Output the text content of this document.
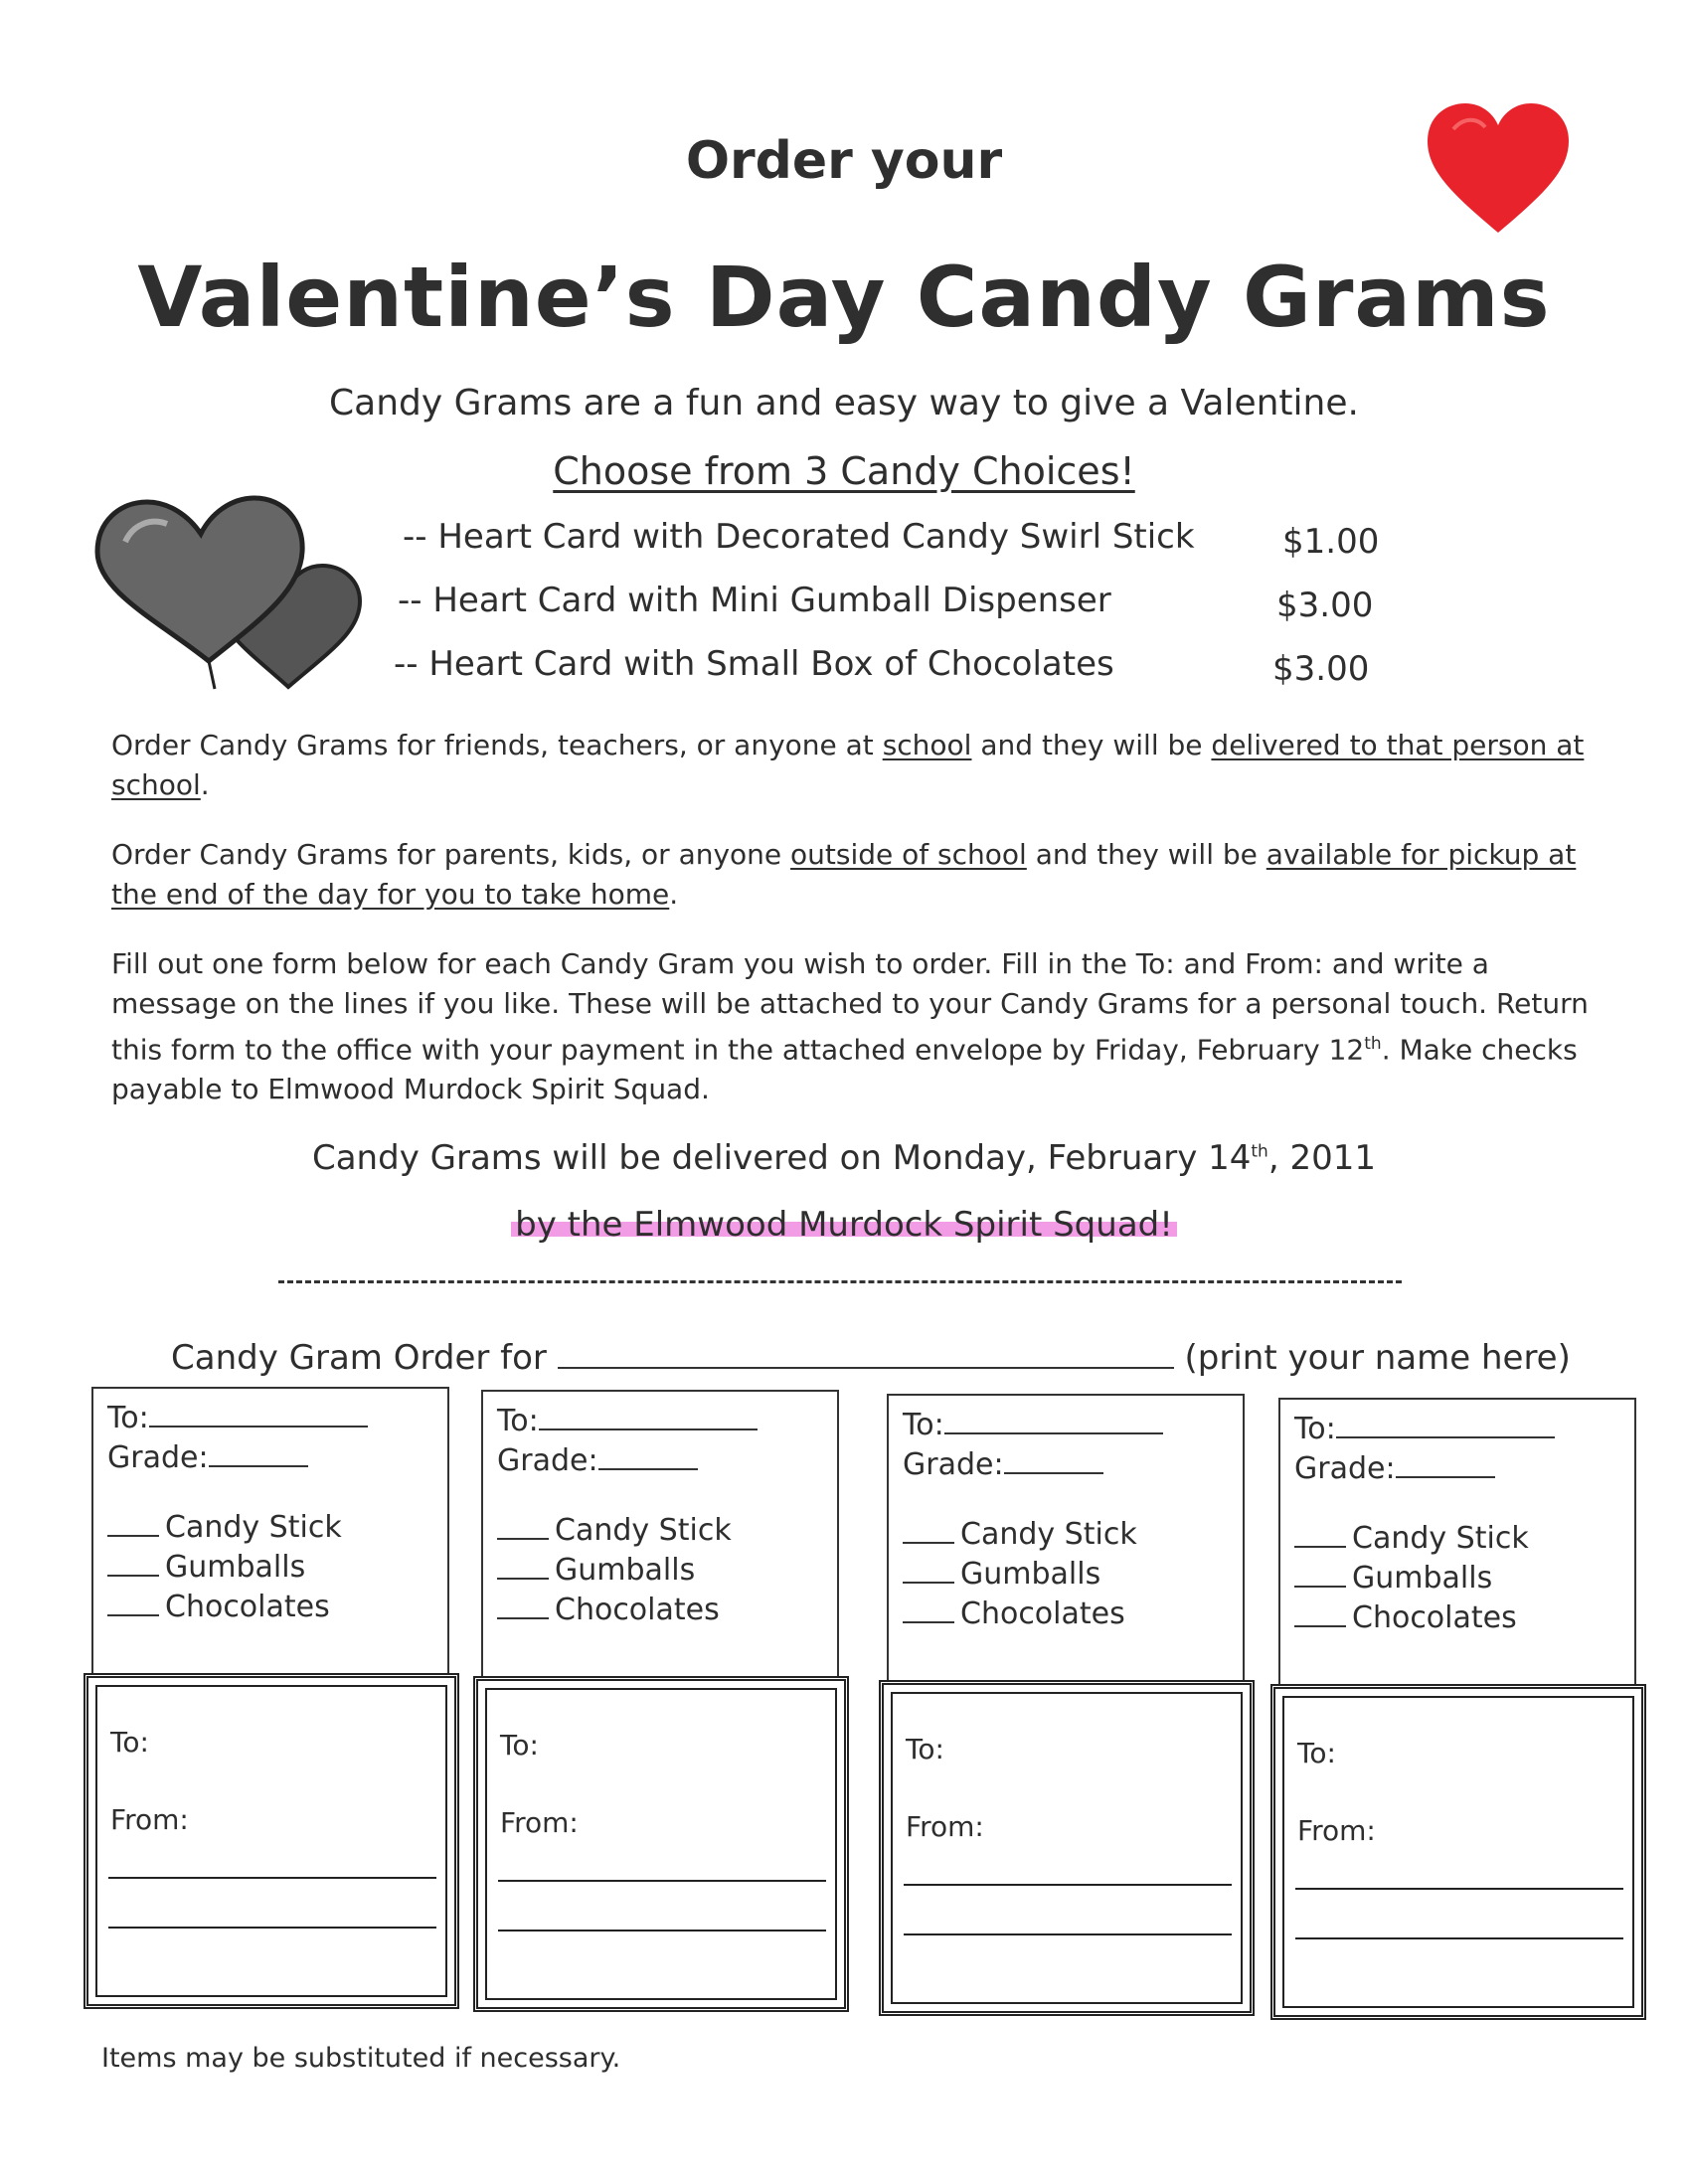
Order your
Valentine’s Day Candy Grams
Candy Grams are a fun and easy way to give a Valentine.
Choose from 3 Candy Choices!
-- Heart Card with Decorated Candy Swirl Stick	$1.00
-- Heart Card with Mini Gumball Dispenser	$3.00
-- Heart Card with Small Box of Chocolates	$3.00
Order Candy Grams for friends, teachers, or anyone at school and they will be delivered to that person at school.
Order Candy Grams for parents, kids, or anyone outside of school and they will be available for pickup at the end of the day for you to take home.
Fill out one form below for each Candy Gram you wish to order. Fill in the To: and From: and write a message on the lines if you like. These will be attached to your Candy Grams for a personal touch. Return this form to the office with your payment in the attached envelope by Friday, February 12th. Make checks payable to Elmwood Murdock Spirit Squad.
Candy Grams will be delivered on Monday, February 14th, 2011
by the Elmwood Murdock Spirit Squad!
Candy Gram Order for	(print your name here)
To:
Grade:
Candy Stick
Gumballs
Chocolates
To:
From:
To:
Grade:
Candy Stick
Gumballs
Chocolates
To:
From:
To:
Grade:
Candy Stick
Gumballs
Chocolates
To:
From:
To:
Grade:
Candy Stick
Gumballs
Chocolates
To:
From:
Items may be substituted if necessary.
